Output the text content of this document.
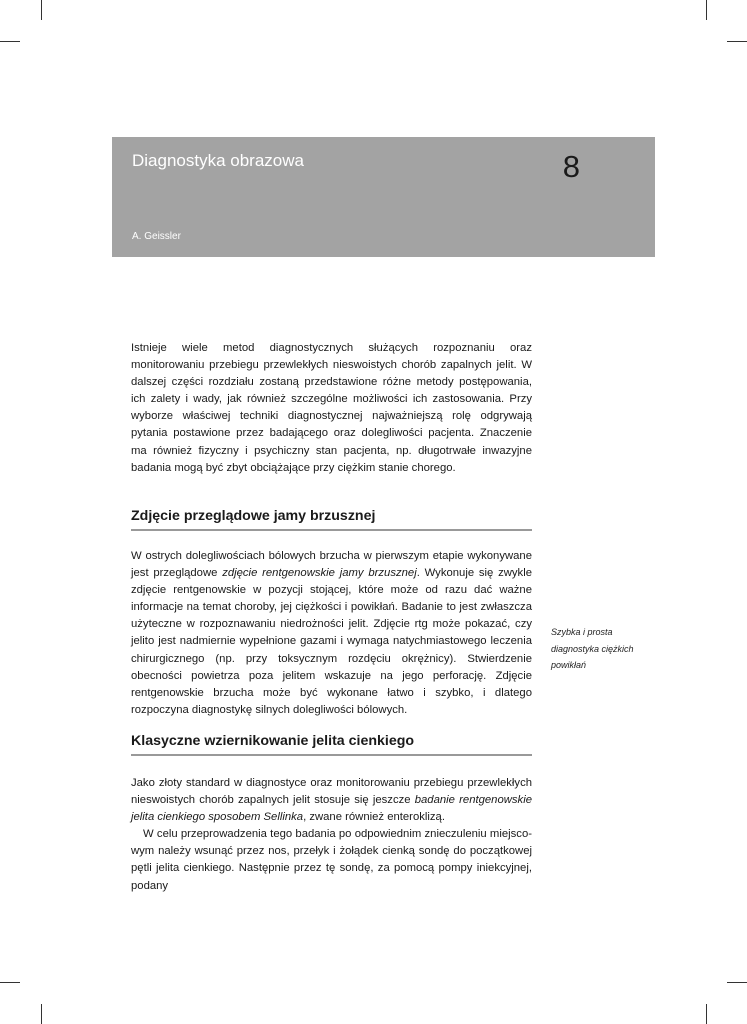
Diagnostyka obrazowa	8
A. Geissler

Istnieje wiele metod diagnostycznych służących rozpoznaniu oraz monitorowaniu przebiegu przewlekłych nieswoistych chorób zapalnych jelit. W dalszej części rozdziału zostaną przedstawione różne metody postępowania, ich zalety i wady, jak również szczególne możliwości ich zastosowania. Przy wyborze właściwej techniki diagnostycznej najważniejszą rolę odgrywają pytania postawione przez badającego oraz dolegliwości pacjenta. Znaczenie ma również fizyczny i psychiczny stan pacjenta, np. długotrwałe inwazyjne badania mogą być zbyt obciążające przy ciężkim stanie chorego.

Zdjęcie przeglądowe jamy brzusznej

W ostrych dolegliwościach bólowych brzucha w pierwszym etapie wykonywane jest przeglądowe zdjęcie rentgenowskie jamy brzusznej. Wykonuje się zwykle zdjęcie rentgenowskie w pozycji stojącej, które może od razu dać ważne informacje na temat choroby, jej ciężkości i powikłań. Badanie to jest zwłaszcza użyteczne w rozpoznawaniu niedrożności jelit. Zdjęcie rtg może pokazać, czy jelito jest nadmiernie wypełnione gazami i wymaga natychmiastowego leczenia chirurgicznego (np. przy toksycznym rozdęciu okrężnicy). Stwierdzenie obecności powietrza poza jelitem wskazuje na jego perforację. Zdjęcie rentgenowskie brzucha może być wykonane łatwo i szybko, i dlatego rozpoczyna diagnostykę silnych dolegliwości bólowych.

Szybka i prosta diagnostyka ciężkich powikłań
Klasyczne wziernikowanie jelita cienkiego

Jako złoty standard w diagnostyce oraz monitorowaniu przebiegu przewlekłych nieswoistych chorób zapalnych jelit stosuje się jeszcze badanie rentgenowskie jelita cienkiego sposobem Sellinka, zwane również enteroklizą.

W celu przeprowadzenia tego badania po odpowiednim znieczuleniu miejscowym należy wsunąć przez nos, przełyk i żołądek cienką sondę do początkowej pętli jelita cienkiego. Następnie przez tę sondę, za pomocą pompy iniekcyjnej, podany
